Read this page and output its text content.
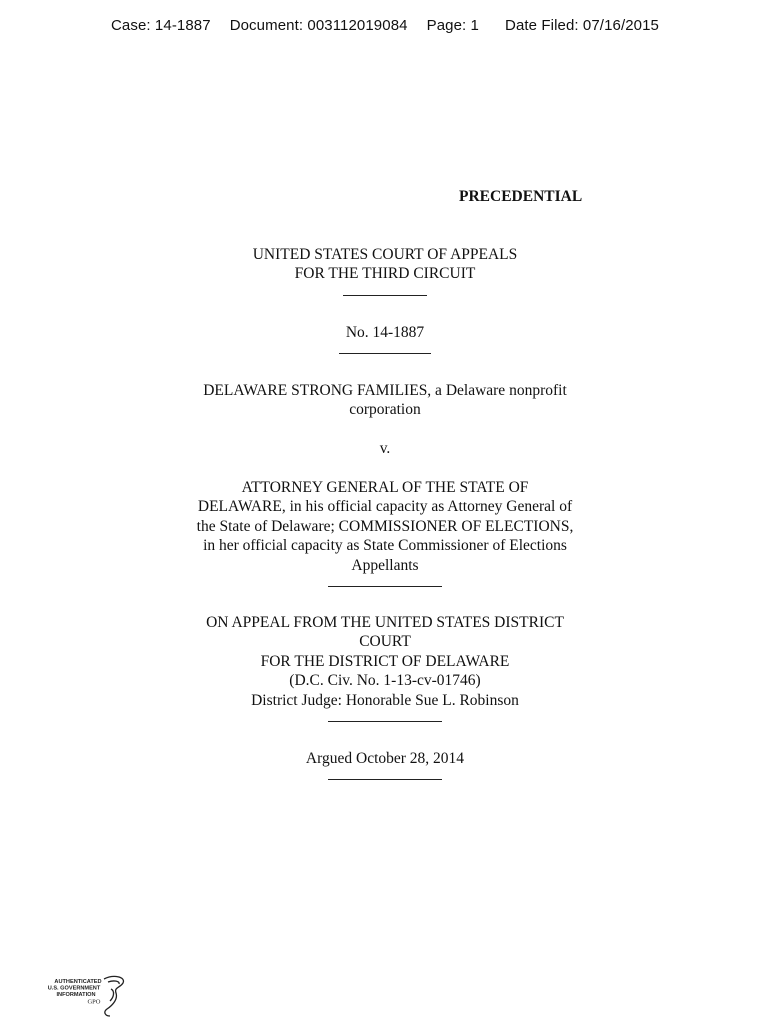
Case: 14-1887 Document: 003112019084 Page: 1 Date Filed: 07/16/2015
PRECEDENTIAL
UNITED STATES COURT OF APPEALS
FOR THE THIRD CIRCUIT
No. 14-1887
DELAWARE STRONG FAMILIES, a Delaware nonprofit
corporation
v.
ATTORNEY GENERAL OF THE STATE OF
DELAWARE, in his official capacity as Attorney General of
the State of Delaware; COMMISSIONER OF ELECTIONS,
in her official capacity as State Commissioner of Elections
Appellants
ON APPEAL FROM THE UNITED STATES DISTRICT
COURT
FOR THE DISTRICT OF DELAWARE
(D.C. Civ. No. 1-13-cv-01746)
District Judge: Honorable Sue L. Robinson
Argued October 28, 2014
AUTHENTICATED
U.S. GOVERNMENT
INFORMATION
GPO
